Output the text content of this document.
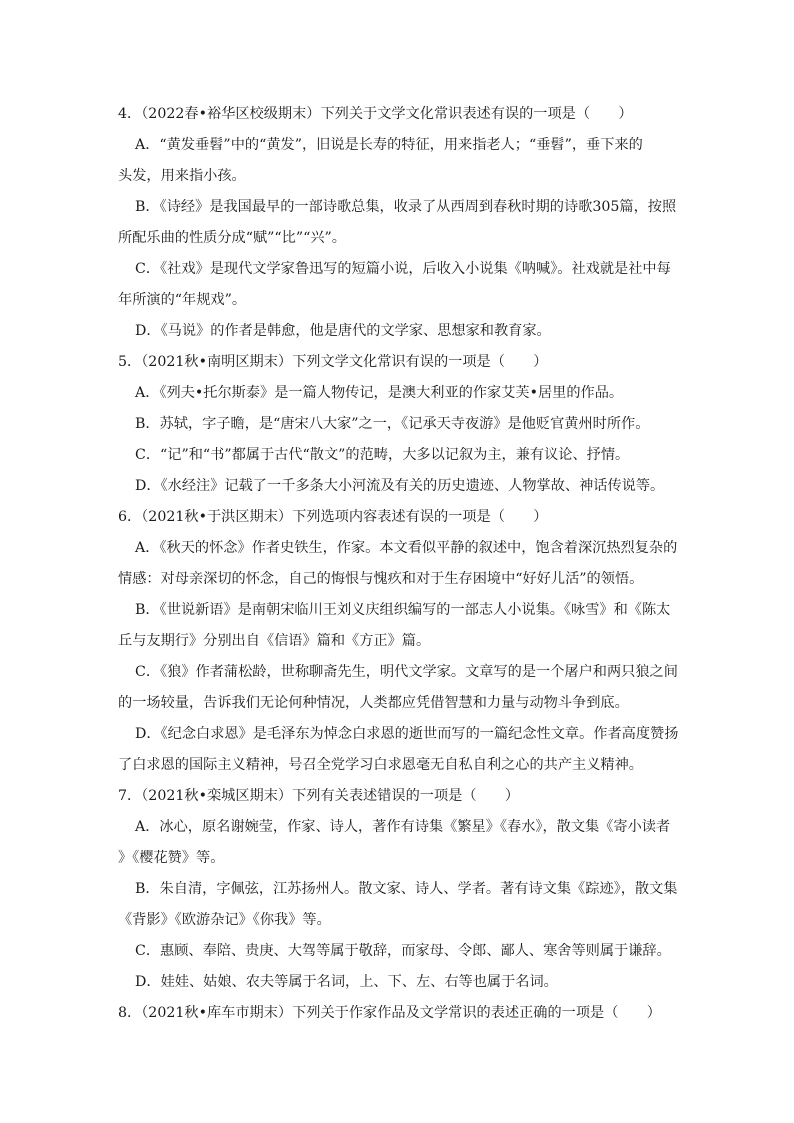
4．（2022春•裕华区校级期末）下列关于文学文化常识表述有误的一项是（　　）
A．“黄发垂髫”中的“黄发”，旧说是长寿的特征，用来指老人；“垂髫”，垂下来的
头发，用来指小孩。
B．《诗经》是我国最早的一部诗歌总集，收录了从西周到春秋时期的诗歌305篇，按照
所配乐曲的性质分成“赋”“比”“兴”。
C．《社戏》是现代文学家鲁迅写的短篇小说，后收入小说集《呐喊》。社戏就是社中每
年所演的“年规戏”。
D．《马说》的作者是韩愈，他是唐代的文学家、思想家和教育家。
5．（2021秋•南明区期末）下列文学文化常识有误的一项是（　　）
A．《列夫•托尔斯泰》是一篇人物传记，是澳大利亚的作家艾芙•居里的作品。
B．苏轼，字子瞻，是“唐宋八大家”之一，《记承天寺夜游》是他贬官黄州时所作。
C．“记”和“书”都属于古代“散文”的范畴，大多以记叙为主，兼有议论、抒情。
D．《水经注》记载了一千多条大小河流及有关的历史遗迹、人物掌故、神话传说等。
6．（2021秋•于洪区期末）下列选项内容表述有误的一项是（　　）
A．《秋天的怀念》作者史铁生，作家。本文看似平静的叙述中，饱含着深沉热烈复杂的
情感：对母亲深切的怀念，自己的悔恨与愧疚和对于生存困境中“好好儿活”的领悟。
B．《世说新语》是南朝宋临川王刘义庆组织编写的一部志人小说集。《咏雪》和《陈太
丘与友期行》分别出自《信语》篇和《方正》篇。
C．《狼》作者蒲松龄，世称聊斋先生，明代文学家。文章写的是一个屠户和两只狼之间
的一场较量，告诉我们无论何种情况，人类都应凭借智慧和力量与动物斗争到底。
D．《纪念白求恩》是毛泽东为悼念白求恩的逝世而写的一篇纪念性文章。作者高度赞扬
了白求恩的国际主义精神，号召全党学习白求恩毫无自私自利之心的共产主义精神。
7．（2021秋•栾城区期末）下列有关表述错误的一项是（　　）
A．冰心，原名谢婉莹，作家、诗人，著作有诗集《繁星》《春水》，散文集《寄小读者
》《樱花赞》等。
B．朱自清，字佩弦，江苏扬州人。散文家、诗人、学者。著有诗文集《踪迹》，散文集
《背影》《欧游杂记》《你我》等。
C．惠顾、奉陪、贵庚、大驾等属于敬辞，而家母、令郎、鄙人、寒舍等则属于谦辞。
D．娃娃、姑娘、农夫等属于名词，上、下、左、右等也属于名词。
8．（2021秋•库车市期末）下列关于作家作品及文学常识的表述正确的一项是（　　）
